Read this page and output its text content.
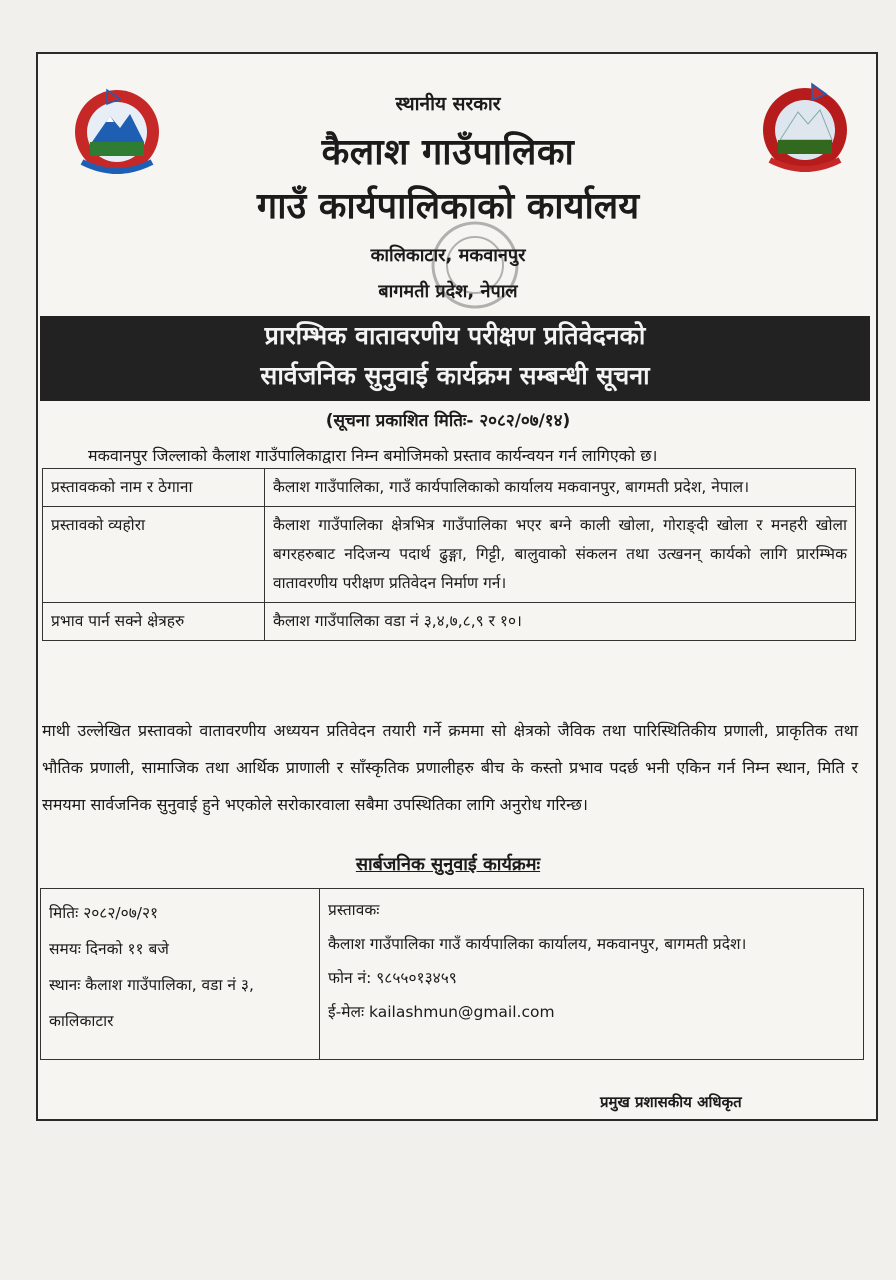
स्थानीय सरकार
कैलाश गाउँपालिका
गाउँ कार्यपालिकाको कार्यालय
कालिकाटार, मकवानपुर
बागमती प्रदेश, नेपाल
प्रारम्भिक वातावरणीय परीक्षण प्रतिवेदनको
सार्वजनिक सुनुवाई कार्यक्रम सम्बन्धी सूचना
(सूचना प्रकाशित मितिः- २०८२/०७/१४)
मकवानपुर जिल्लाको कैलाश गाउँपालिकाद्वारा निम्न बमोजिमको प्रस्ताव कार्यन्वयन गर्न लागिएको छ।
प्रस्तावकको नाम र ठेगाना	कैलाश गाउँपालिका, गाउँ कार्यपालिकाको कार्यालय मकवानपुर, बागमती प्रदेश, नेपाल।
प्रस्तावको व्यहोरा	कैलाश गाउँपालिका क्षेत्रभित्र गाउँपालिका भएर बग्ने काली खोला, गोराङ्दी खोला र मनहरी खोला बगरहरुबाट नदिजन्य पदार्थ ढुङ्गा, गिट्टी, बालुवाको संकलन तथा उत्खनन् कार्यको लागि प्रारम्भिक वातावरणीय परीक्षण प्रतिवेदन निर्माण गर्न।
प्रभाव पार्न सक्ने क्षेत्रहरु	कैलाश गाउँपालिका वडा नं ३,४,७,८,९ र १०।
माथी उल्लेखित प्रस्तावको वातावरणीय अध्ययन प्रतिवेदन तयारी गर्ने क्रममा सो क्षेत्रको जैविक तथा पारिस्थितिकीय प्रणाली, प्राकृतिक तथा भौतिक प्रणाली, सामाजिक तथा आर्थिक प्राणाली र साँस्कृतिक प्रणालीहरु बीच के कस्तो प्रभाव पदर्छ भनी एकिन गर्न निम्न स्थान, मिति र समयमा सार्वजनिक सुनुवाई हुने भएकोले सरोकारवाला सबैमा उपस्थितिका लागि अनुरोध गरिन्छ।
सार्बजनिक सुनुवाई कार्यक्रमः
मितिः २०८२/०७/२१
समयः दिनको ११ बजे
स्थानः कैलाश गाउँपालिका, वडा नं ३, कालिकाटार
प्रस्तावकः
कैलाश गाउँपालिका गाउँ कार्यपालिका कार्यालय, मकवानपुर, बागमती प्रदेश।
फोन नं: ९८५५०१३४५९
ई-मेलः kailashmun@gmail.com
प्रमुख प्रशासकीय अधिकृत
